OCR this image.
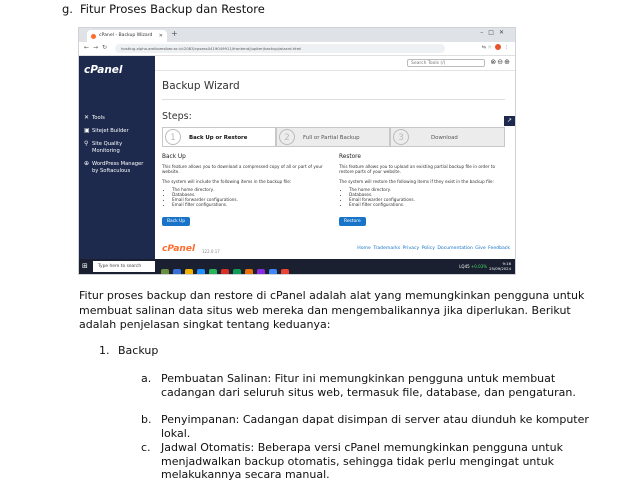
g. Fitur Proses Backup dan Restore
cPanel - Backup Wizard ✕ +	–□✕
←→↻	hosting-alpha.amikomsiber.ac.id:2083/cpsess0419049911/frontend/jupiter/backup/wizard.html	⇆ ☆ ⋮
cPanel
✕ Tools
▣ Sitejet Builder
⚲ Site Quality Monitoring
⊕ WordPress Manager by Softaculous
Search Tools (/)	⊗⊖⊕
Backup Wizard
Steps:	↗
1	Back Up or Restore	2	Full or Partial Backup	3	Download
Back Up

This feature allows you to download a compressed copy of all or part of your website.

The system will include the following items in the backup file:

• The home directory.
• Databases.
• Email forwarder configurations.
• Email filter configurations.
Back Up
Restore

This feature allows you to upload an existing partial backup file in order to restore parts of your website.

The system will restore the following items if they exist in the backup file:

• The home directory.
• Databases.
• Email forwarder configurations.
• Email filter configurations.
Restore
cPanel 122.0.17
Home Trademarks Privacy Policy Documentation Give Feedback
⊞	Type here to search	LQ45 +0.03%
9:16
25/09/2024
Fitur proses backup dan restore di cPanel adalah alat yang memungkinkan pengguna untuk membuat salinan data situs web mereka dan mengembalikannya jika diperlukan. Berikut adalah penjelasan singkat tentang keduanya:
1. Backup
a. Pembuatan Salinan: Fitur ini memungkinkan pengguna untuk membuat cadangan dari seluruh situs web, termasuk file, database, dan pengaturan.
b. Penyimpanan: Cadangan dapat disimpan di server atau diunduh ke komputer lokal.
c. Jadwal Otomatis: Beberapa versi cPanel memungkinkan pengguna untuk menjadwalkan backup otomatis, sehingga tidak perlu mengingat untuk melakukannya secara manual.
